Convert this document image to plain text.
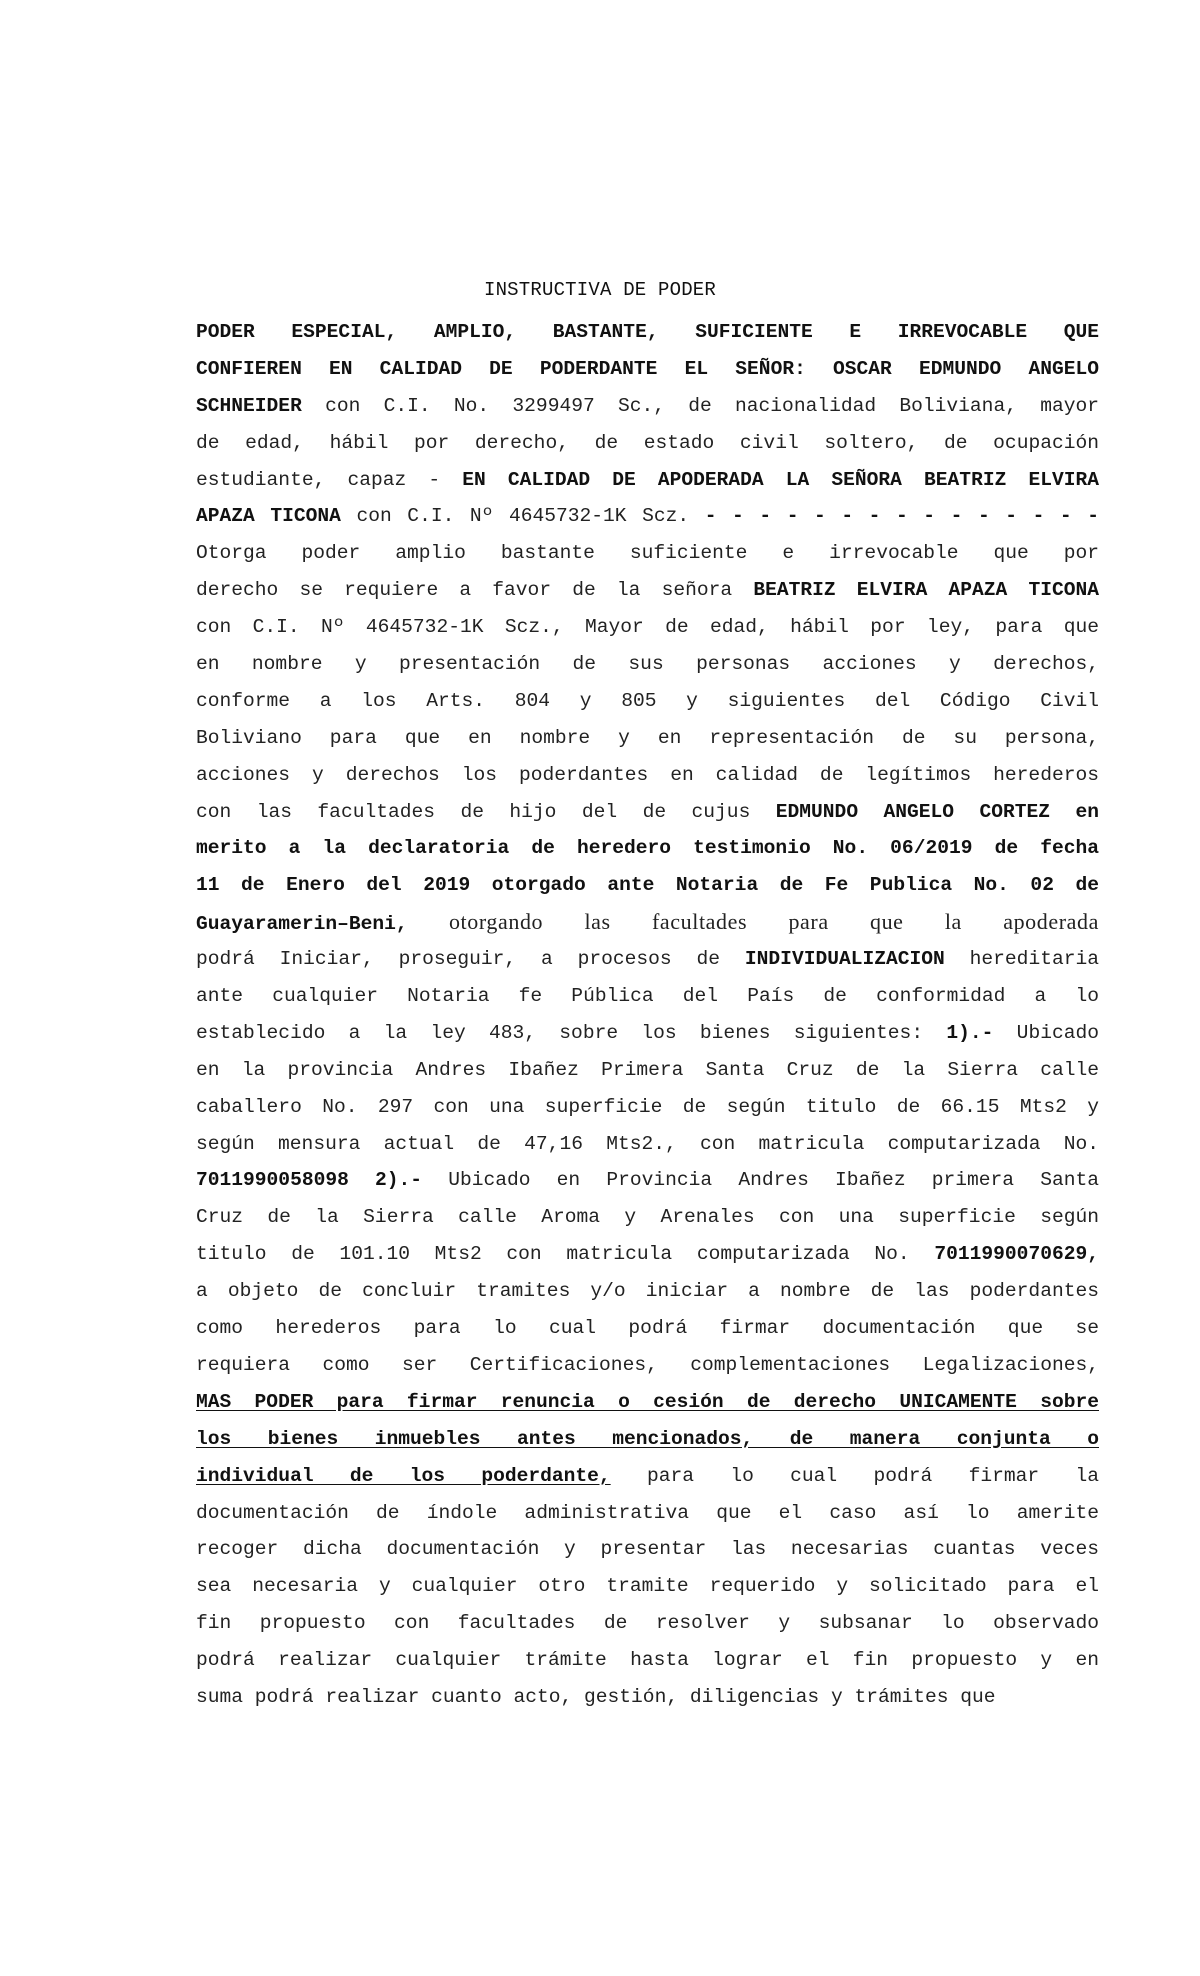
INSTRUCTIVA DE PODER
PODER ESPECIAL, AMPLIO, BASTANTE, SUFICIENTE E IRREVOCABLE QUE
CONFIEREN EN CALIDAD DE PODERDANTE EL SEÑOR: OSCAR EDMUNDO ANGELO
SCHNEIDER con C.I. No. 3299497 Sc., de nacionalidad Boliviana, mayor
de edad, hábil por derecho, de estado civil soltero, de ocupación
estudiante, capaz - EN CALIDAD DE APODERADA LA SEÑORA BEATRIZ ELVIRA
APAZA TICONA con C.I. Nº 4645732-1K Scz. - - - - - - - - - - - - - - -
Otorga poder amplio bastante suficiente e irrevocable que por
derecho se requiere a favor de la señora BEATRIZ ELVIRA APAZA TICONA
con C.I. Nº 4645732-1K Scz., Mayor de edad, hábil por ley, para que
en nombre y presentación de sus personas acciones y derechos,
conforme a los Arts. 804 y 805 y siguientes del Código Civil
Boliviano para que en nombre y en representación de su persona,
acciones y derechos los poderdantes en calidad de legítimos herederos
con las facultades de hijo del de cujus EDMUNDO ANGELO CORTEZ en
merito a la declaratoria de heredero testimonio No. 06/2019 de fecha
11 de Enero del 2019 otorgado ante Notaria de Fe Publica No. 02 de
Guayaramerin–Beni, otorgando las facultades para que la apoderada
podrá Iniciar, proseguir, a procesos de INDIVIDUALIZACION hereditaria
ante cualquier Notaria fe Pública del País de conformidad a lo
establecido a la ley 483, sobre los bienes siguientes: 1).- Ubicado
en la provincia Andres Ibañez Primera Santa Cruz de la Sierra calle
caballero No. 297 con una superficie de según titulo de 66.15 Mts2 y
según mensura actual de 47,16 Mts2., con matricula computarizada No.
7011990058098 2).- Ubicado en Provincia Andres Ibañez primera Santa
Cruz de la Sierra calle Aroma y Arenales con una superficie según
titulo de 101.10 Mts2 con matricula computarizada No. 7011990070629,
a objeto de concluir tramites y/o iniciar a nombre de las poderdantes
como herederos para lo cual podrá firmar documentación que se
requiera como ser Certificaciones, complementaciones Legalizaciones,
MAS PODER para firmar renuncia o cesión de derecho UNICAMENTE sobre
los bienes inmuebles antes mencionados, de manera conjunta o
individual de los poderdante, para lo cual podrá firmar la
documentación de índole administrativa que el caso así lo amerite
recoger dicha documentación y presentar las necesarias cuantas veces
sea necesaria y cualquier otro tramite requerido y solicitado para el
fin propuesto con facultades de resolver y subsanar lo observado
podrá realizar cualquier trámite hasta lograr el fin propuesto y en
suma podrá realizar cuanto acto, gestión, diligencias y trámites que
